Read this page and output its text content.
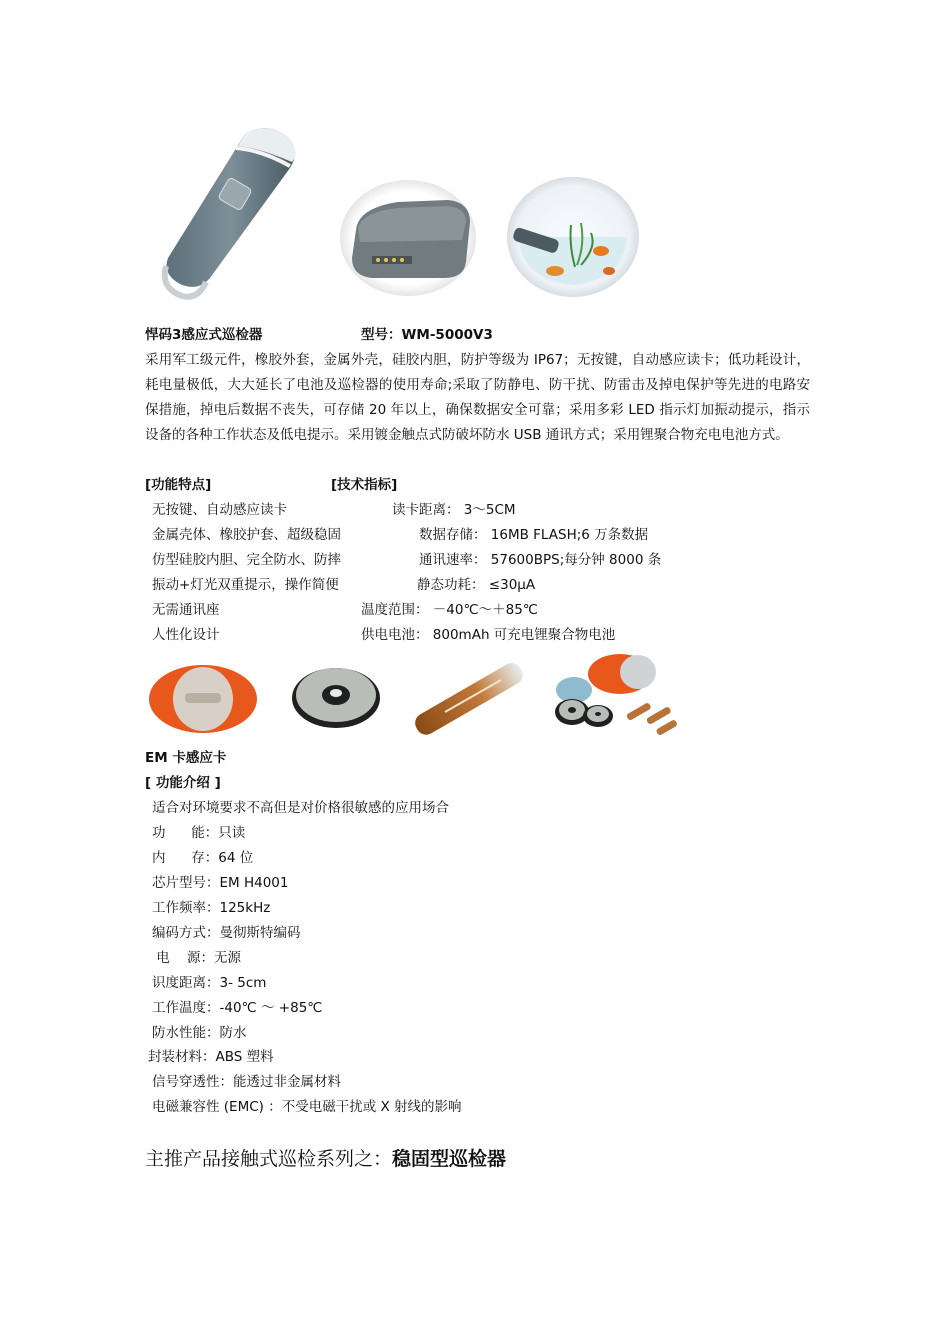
悍码3感应式巡检器	型号：WM-5000V3
采用军工级元件，橡胶外套，金属外壳，硅胶内胆，防护等级为 IP67；无按键，自动感应读卡；低功耗设计，耗电量极低，大大延长了电池及巡检器的使用寿命;采取了防静电、防干扰、防雷击及掉电保护等先进的电路安保措施，掉电后数据不丧失，可存储 20 年以上，确保数据安全可靠；采用多彩 LED 指示灯加振动提示，指示设备的各种工作状态及低电提示。采用镀金触点式防破坏防水 USB 通讯方式；采用锂聚合物充电电池方式。
[功能特点]	[技术指标]
无按键、自动感应读卡
金属壳体、橡胶护套、超级稳固
仿型硅胶内胆、完全防水、防摔
振动+灯光双重提示，操作简便
无需通讯座
人性化设计
读卡距离： 3～5CM
数据存储： 16MB FLASH;6 万条数据
通讯速率： 57600BPS;每分钟 8000 条
静态功耗： ≤30μA
温度范围： －40℃～＋85℃
供电电池： 800mAh 可充电锂聚合物电池
EM 卡感应卡
[ 功能介绍 ]
适合对环境要求不高但是对价格很敏感的应用场合
功      能：只读
内      存：64 位
芯片型号：EM H4001
工作频率：125kHz
编码方式：曼彻斯特编码
电    源：无源
识度距离：3- 5cm
工作温度：-40℃ ～ +85℃
防水性能：防水
封装材料：ABS 塑料
信号穿透性：能透过非金属材料
电磁兼容性 (EMC) ：不受电磁干扰或 X 射线的影响
主推产品接触式巡检系列之：稳固型巡检器
